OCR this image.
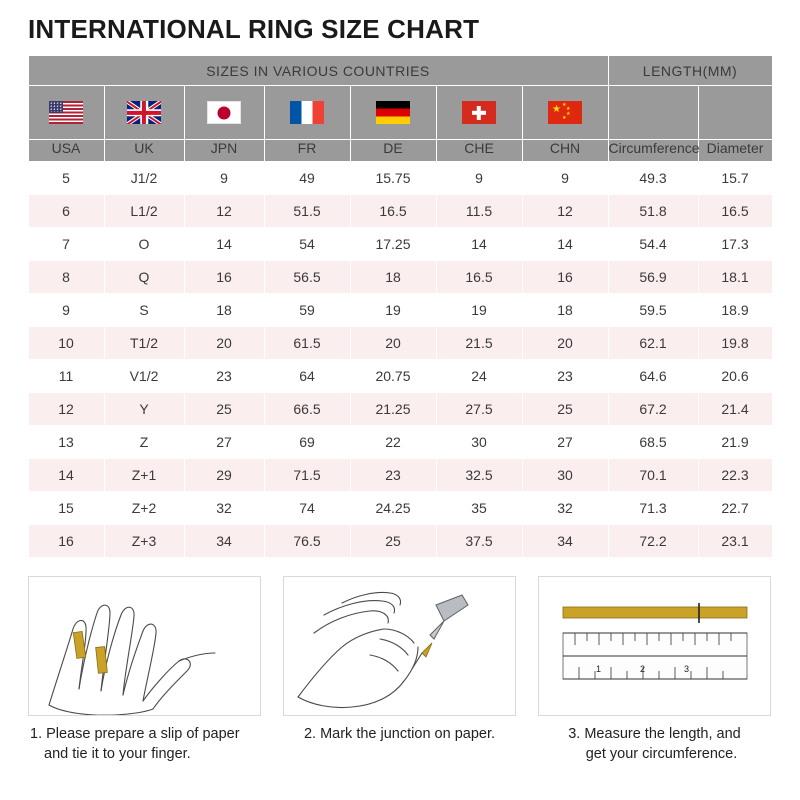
INTERNATIONAL RING SIZE CHART
SIZES IN VARIOUS COUNTRIES							LENGTH(MM)	

						★ ★
★
★
★		

USA	UK	JPN	FR	DE	CHE	CHN	Circumference	Diameter
5	J1/2	9	49	15.75	9	9	49.3	15.7
6	L1/2	12	51.5	16.5	11.5	12	51.8	16.5
7	O	14	54	17.25	14	14	54.4	17.3
8	Q	16	56.5	18	16.5	16	56.9	18.1
9	S	18	59	19	19	18	59.5	18.9
10	T1/2	20	61.5	20	21.5	20	62.1	19.8
11	V1/2	23	64	20.75	24	23	64.6	20.6
12	Y	25	66.5	21.25	27.5	25	67.2	21.4
13	Z	27	69	22	30	27	68.5	21.9
14	Z+1	29	71.5	23	32.5	30	70.1	22.3
15	Z+2	32	74	24.25	35	32	71.3	22.7
16	Z+3	34	76.5	25	37.5	34	72.2	23.1
1. Please prepare a slip of paper
and tie it to your finger.
2. Mark the junction on paper.
1	2	3
3. Measure the length, and
get your circumference.
